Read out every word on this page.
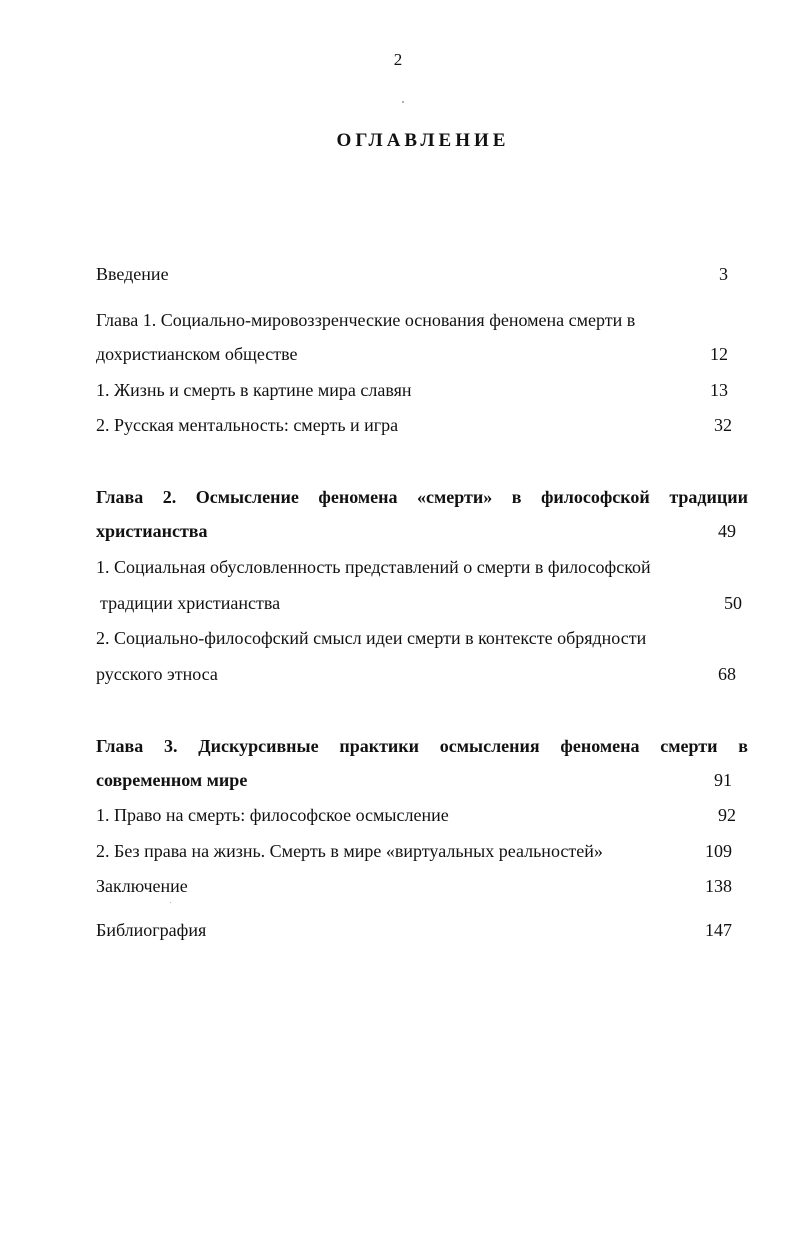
2
ОГЛАВЛЕНИЕ
Введение	3
Глава 1. Социально-мировоззренческие основания феномена смерти в
дохристианском обществе	12
1. Жизнь и смерть в картине мира славян	13
2. Русская ментальность: смерть и игра	32
Глава 2. Осмысление феномена «смерти» в философской традиции
христианства	49
1. Социальная обусловленность представлений о смерти в философской
традиции христианства	50
2. Социально-философский смысл идеи смерти в контексте обрядности
русского этноса	68
Глава 3. Дискурсивные практики осмысления феномена смерти в
современном мире	91
1. Право на смерть: философское осмысление	92
2. Без права на жизнь. Смерть в мире «виртуальных реальностей»	109
Заключение	138
Библиография	147
